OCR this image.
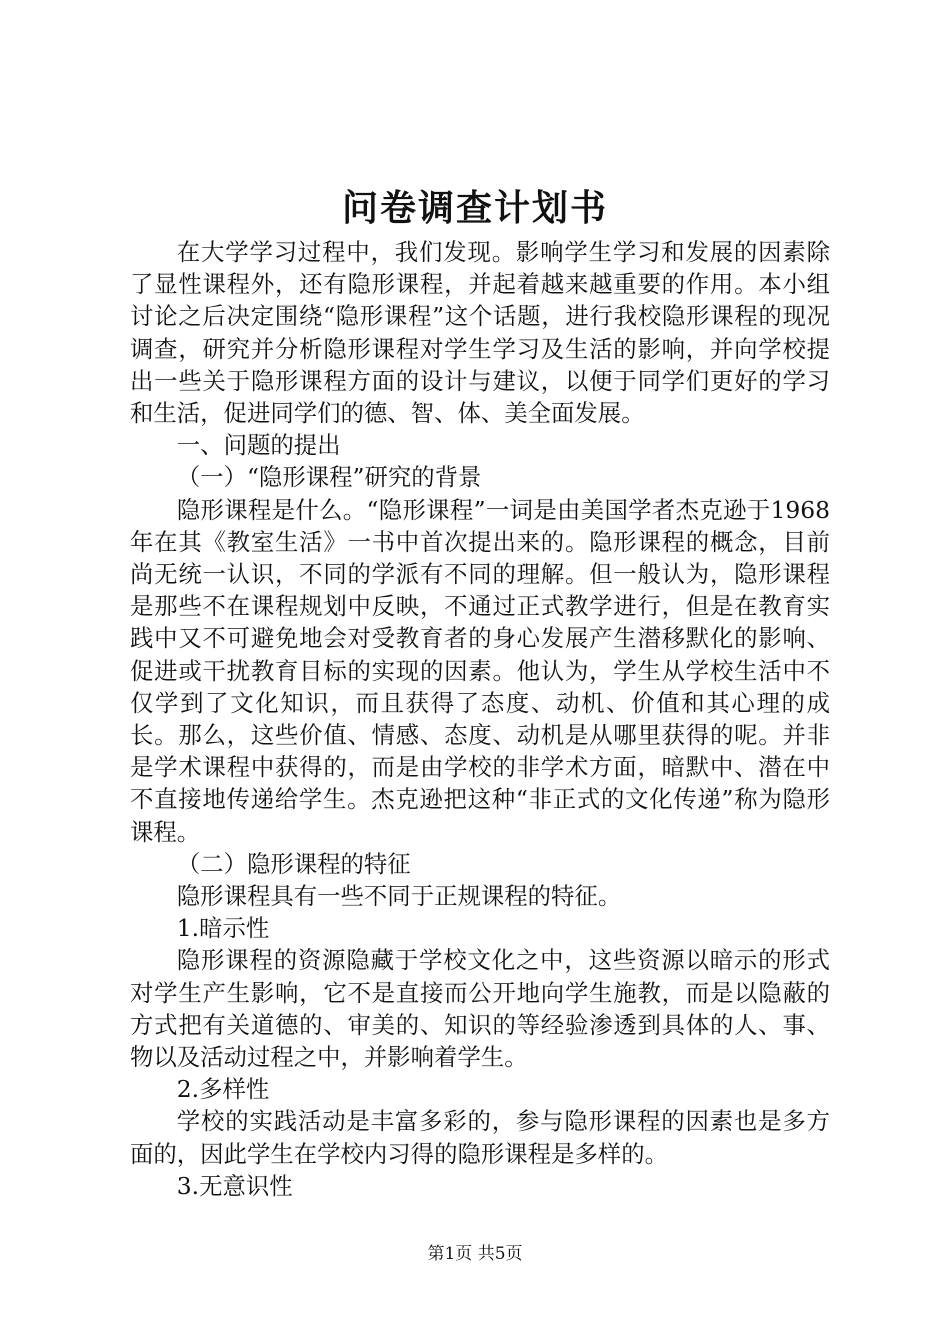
问卷调查计划书

在大学学习过程中，我们发现。影响学生学习和发展的因素除了显性课程外，还有隐形课程，并起着越来越重要的作用。本小组讨论之后决定围绕“隐形课程”这个话题，进行我校隐形课程的现况调查，研究并分析隐形课程对学生学习及生活的影响，并向学校提出一些关于隐形课程方面的设计与建议，以便于同学们更好的学习和生活，促进同学们的德、智、体、美全面发展。

一、问题的提出

（一）“隐形课程”研究的背景

隐形课程是什么。“隐形课程”一词是由美国学者杰克逊于1968年在其《教室生活》一书中首次提出来的。隐形课程的概念，目前尚无统一认识，不同的学派有不同的理解。但一般认为，隐形课程是那些不在课程规划中反映，不通过正式教学进行，但是在教育实践中又不可避免地会对受教育者的身心发展产生潜移默化的影响、促进或干扰教育目标的实现的因素。他认为，学生从学校生活中不仅学到了文化知识，而且获得了态度、动机、价值和其心理的成长。那么，这些价值、情感、态度、动机是从哪里获得的呢。并非是学术课程中获得的，而是由学校的非学术方面，暗默中、潜在中不直接地传递给学生。杰克逊把这种“非正式的文化传递”称为隐形课程。

（二）隐形课程的特征

隐形课程具有一些不同于正规课程的特征。

1.暗示性

隐形课程的资源隐藏于学校文化之中，这些资源以暗示的形式对学生产生影响，它不是直接而公开地向学生施教，而是以隐蔽的方式把有关道德的、审美的、知识的等经验渗透到具体的人、事、物以及活动过程之中，并影响着学生。

2.多样性

学校的实践活动是丰富多彩的，参与隐形课程的因素也是多方面的，因此学生在学校内习得的隐形课程是多样的。

3.无意识性

第1页 共5页
